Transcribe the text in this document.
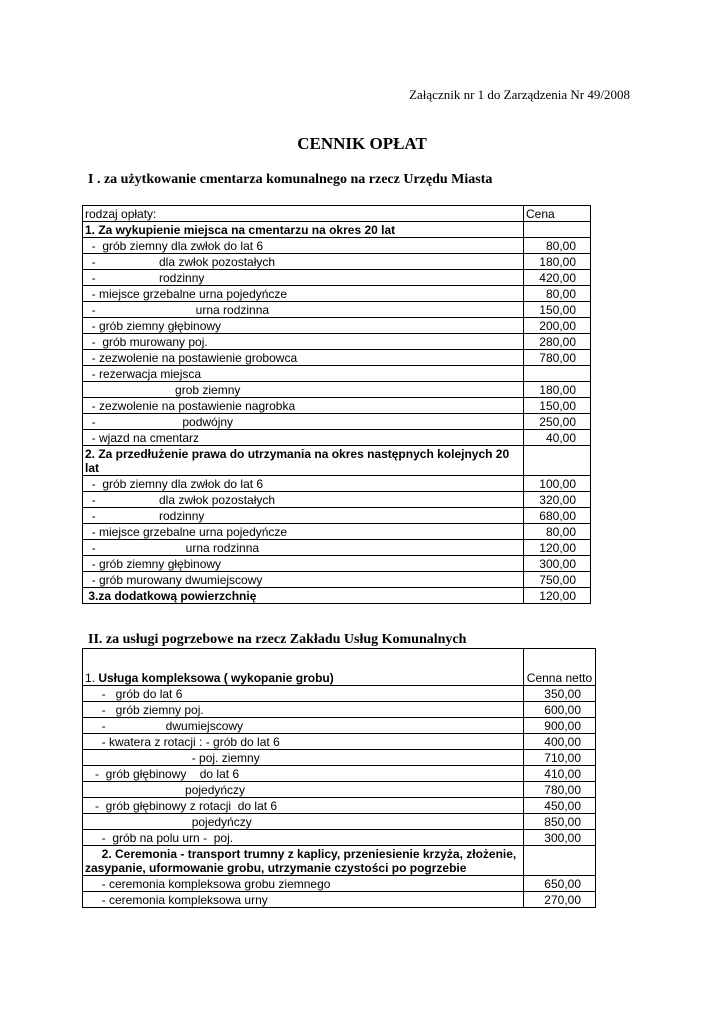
Załącznik nr 1 do Zarządzenia Nr 49/2008
CENNIK OPŁAT
I . za użytkowanie cmentarza komunalnego na rzecz Urzędu Miasta
rodzaj opłaty:	Cena
1. Za wykupienie miejsca na cmentarzu na okres 20 lat	
-  grób ziemny dla zwłok do lat 6	80,00
-                   dla zwłok pozostałych	180,00
-                   rodzinny	420,00
- miejsce grzebalne urna pojedyńcze	80,00
-                              urna rodzinna	150,00
- grób ziemny głębinowy	200,00
-  grób murowany poj.	280,00
- zezwolenie na postawienie grobowca	780,00
- rezerwacja miejsca	
grob ziemny	180,00
- zezwolenie na postawienie nagrobka	150,00
-                          podwójny	250,00
- wjazd na cmentarz	40,00
2. Za przedłużenie prawa do utrzymania na okres następnych kolejnych 20 lat	
-  grób ziemny dla zwłok do lat 6	100,00
-                   dla zwłok pozostałych	320,00
-                   rodzinny	680,00
- miejsce grzebalne urna pojedyńcze	80,00
-                           urna rodzinna	120,00
- grób ziemny głębinowy	300,00
- grób murowany dwumiejscowy	750,00
3.za dodatkową powierzchnię	120,00
II. za usługi pogrzebowe na rzecz Zakładu Usług Komunalnych
1. Usługa kompleksowa ( wykopanie grobu)	Cenna netto
-   grób do lat 6	350,00
-   grób ziemny poj.	600,00
-                  dwumiejscowy	900,00
- kwatera z rotacji : - grób do lat 6	400,00
- poj. ziemny	710,00
-  grób głębinowy    do lat 6	410,00
pojedyńczy	780,00
-  grób głębinowy z rotacji  do lat 6	450,00
pojedyńczy	850,00
-  grób na polu urn -  poj.	300,00
2. Ceremonia - transport trumny z kaplicy, przeniesienie krzyża, złożenie, zasypanie, uformowanie grobu, utrzymanie czystości po pogrzebie	
- ceremonia kompleksowa grobu ziemnego	650,00
- ceremonia kompleksowa urny	270,00
